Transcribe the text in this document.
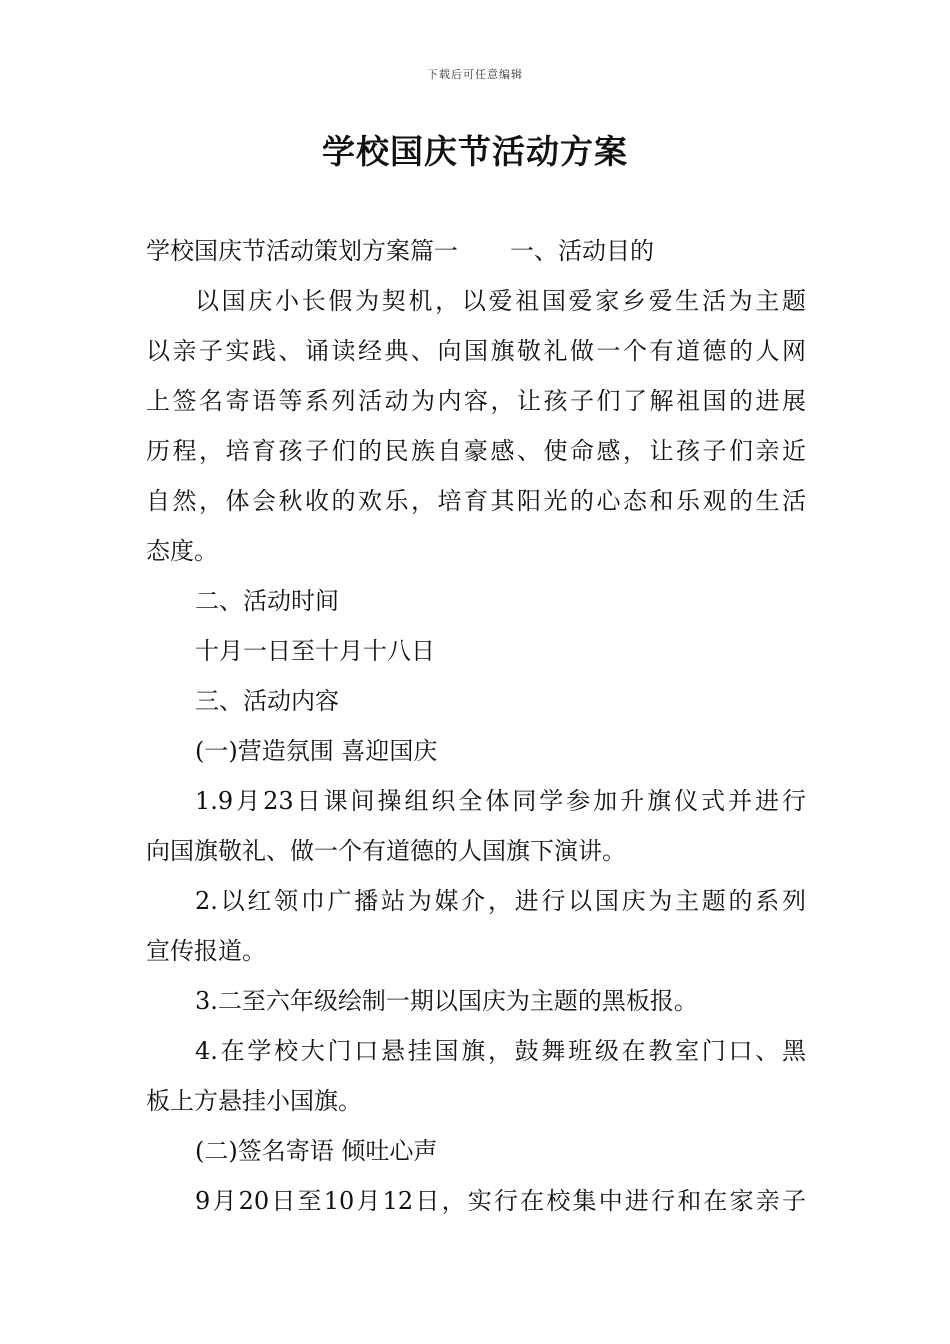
下载后可任意编辑
学校国庆节活动方案
学校国庆节活动策划方案篇一 一、活动目的
以国庆小长假为契机，以爱祖国爱家乡爱生活为主题
以亲子实践、诵读经典、向国旗敬礼做一个有道德的人网
上签名寄语等系列活动为内容，让孩子们了解祖国的进展
历程，培育孩子们的民族自豪感、使命感，让孩子们亲近
自然，体会秋收的欢乐，培育其阳光的心态和乐观的生活
态度。
二、活动时间
十月一日至十月十八日
三、活动内容
(一)营造氛围 喜迎国庆
1.9月23日课间操组织全体同学参加升旗仪式并进行
向国旗敬礼、做一个有道德的人国旗下演讲。
2.以红领巾广播站为媒介，进行以国庆为主题的系列
宣传报道。
3.二至六年级绘制一期以国庆为主题的黑板报。
4.在学校大门口悬挂国旗，鼓舞班级在教室门口、黑
板上方悬挂小国旗。
(二)签名寄语 倾吐心声
9月20日至10月12日，实行在校集中进行和在家亲子
